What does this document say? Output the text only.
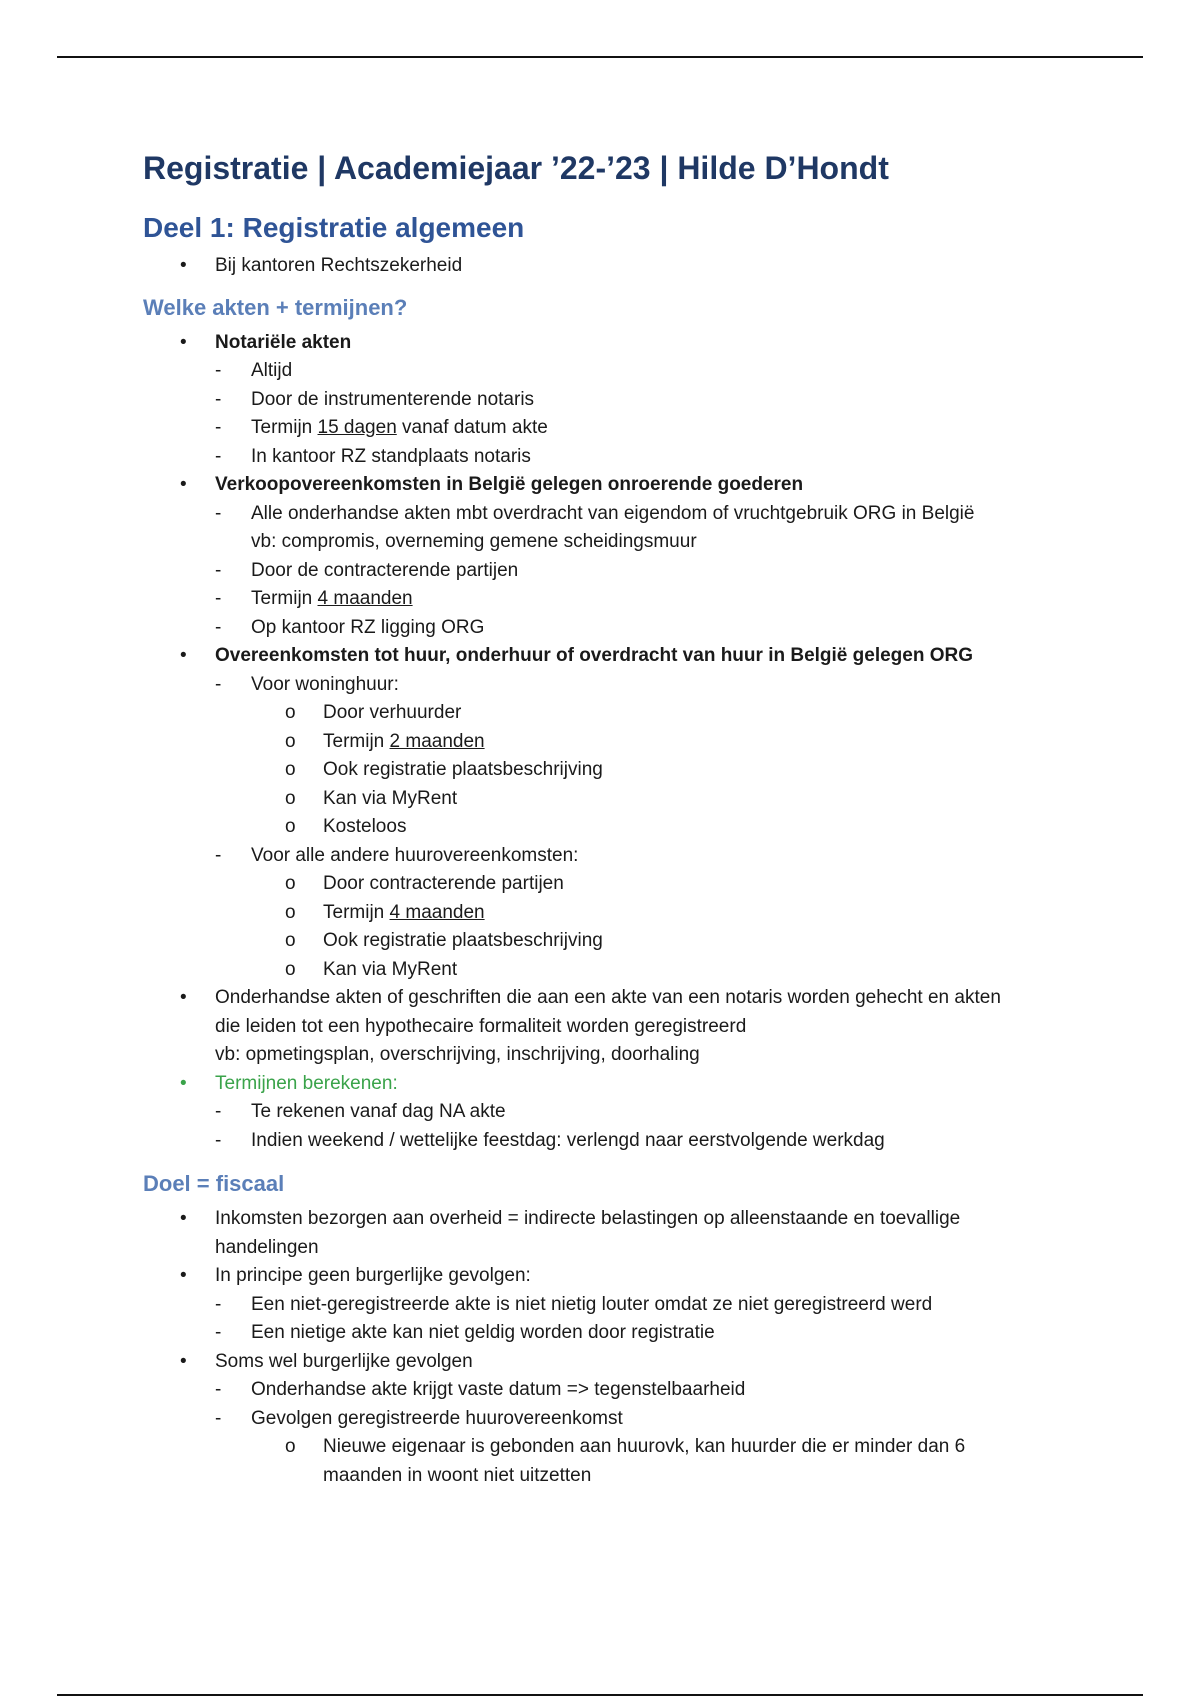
Registratie | Academiejaar ’22-’23 | Hilde D’Hondt
Deel 1: Registratie algemeen
• Bij kantoren Rechtszekerheid
Welke akten + termijnen?
• Notariële akten
- Altijd
- Door de instrumenterende notaris
- Termijn 15 dagen vanaf datum akte
- In kantoor RZ standplaats notaris
• Verkoopovereenkomsten in België gelegen onroerende goederen
- Alle onderhandse akten mbt overdracht van eigendom of vruchtgebruik ORG in België
vb: compromis, overneming gemene scheidingsmuur
- Door de contracterende partijen
- Termijn 4 maanden
- Op kantoor RZ ligging ORG
• Overeenkomsten tot huur, onderhuur of overdracht van huur in België gelegen ORG
- Voor woninghuur:
o Door verhuurder
o Termijn 2 maanden
o Ook registratie plaatsbeschrijving
o Kan via MyRent
o Kosteloos
- Voor alle andere huurovereenkomsten:
o Door contracterende partijen
o Termijn 4 maanden
o Ook registratie plaatsbeschrijving
o Kan via MyRent
• Onderhandse akten of geschriften die aan een akte van een notaris worden gehecht en akten
die leiden tot een hypothecaire formaliteit worden geregistreerd
vb: opmetingsplan, overschrijving, inschrijving, doorhaling
• Termijnen berekenen:
- Te rekenen vanaf dag NA akte
- Indien weekend / wettelijke feestdag: verlengd naar eerstvolgende werkdag
Doel = fiscaal
• Inkomsten bezorgen aan overheid = indirecte belastingen op alleenstaande en toevallige
handelingen
• In principe geen burgerlijke gevolgen:
- Een niet-geregistreerde akte is niet nietig louter omdat ze niet geregistreerd werd
- Een nietige akte kan niet geldig worden door registratie
• Soms wel burgerlijke gevolgen
- Onderhandse akte krijgt vaste datum => tegenstelbaarheid
- Gevolgen geregistreerde huurovereenkomst
o Nieuwe eigenaar is gebonden aan huurovk, kan huurder die er minder dan 6
maanden in woont niet uitzetten
